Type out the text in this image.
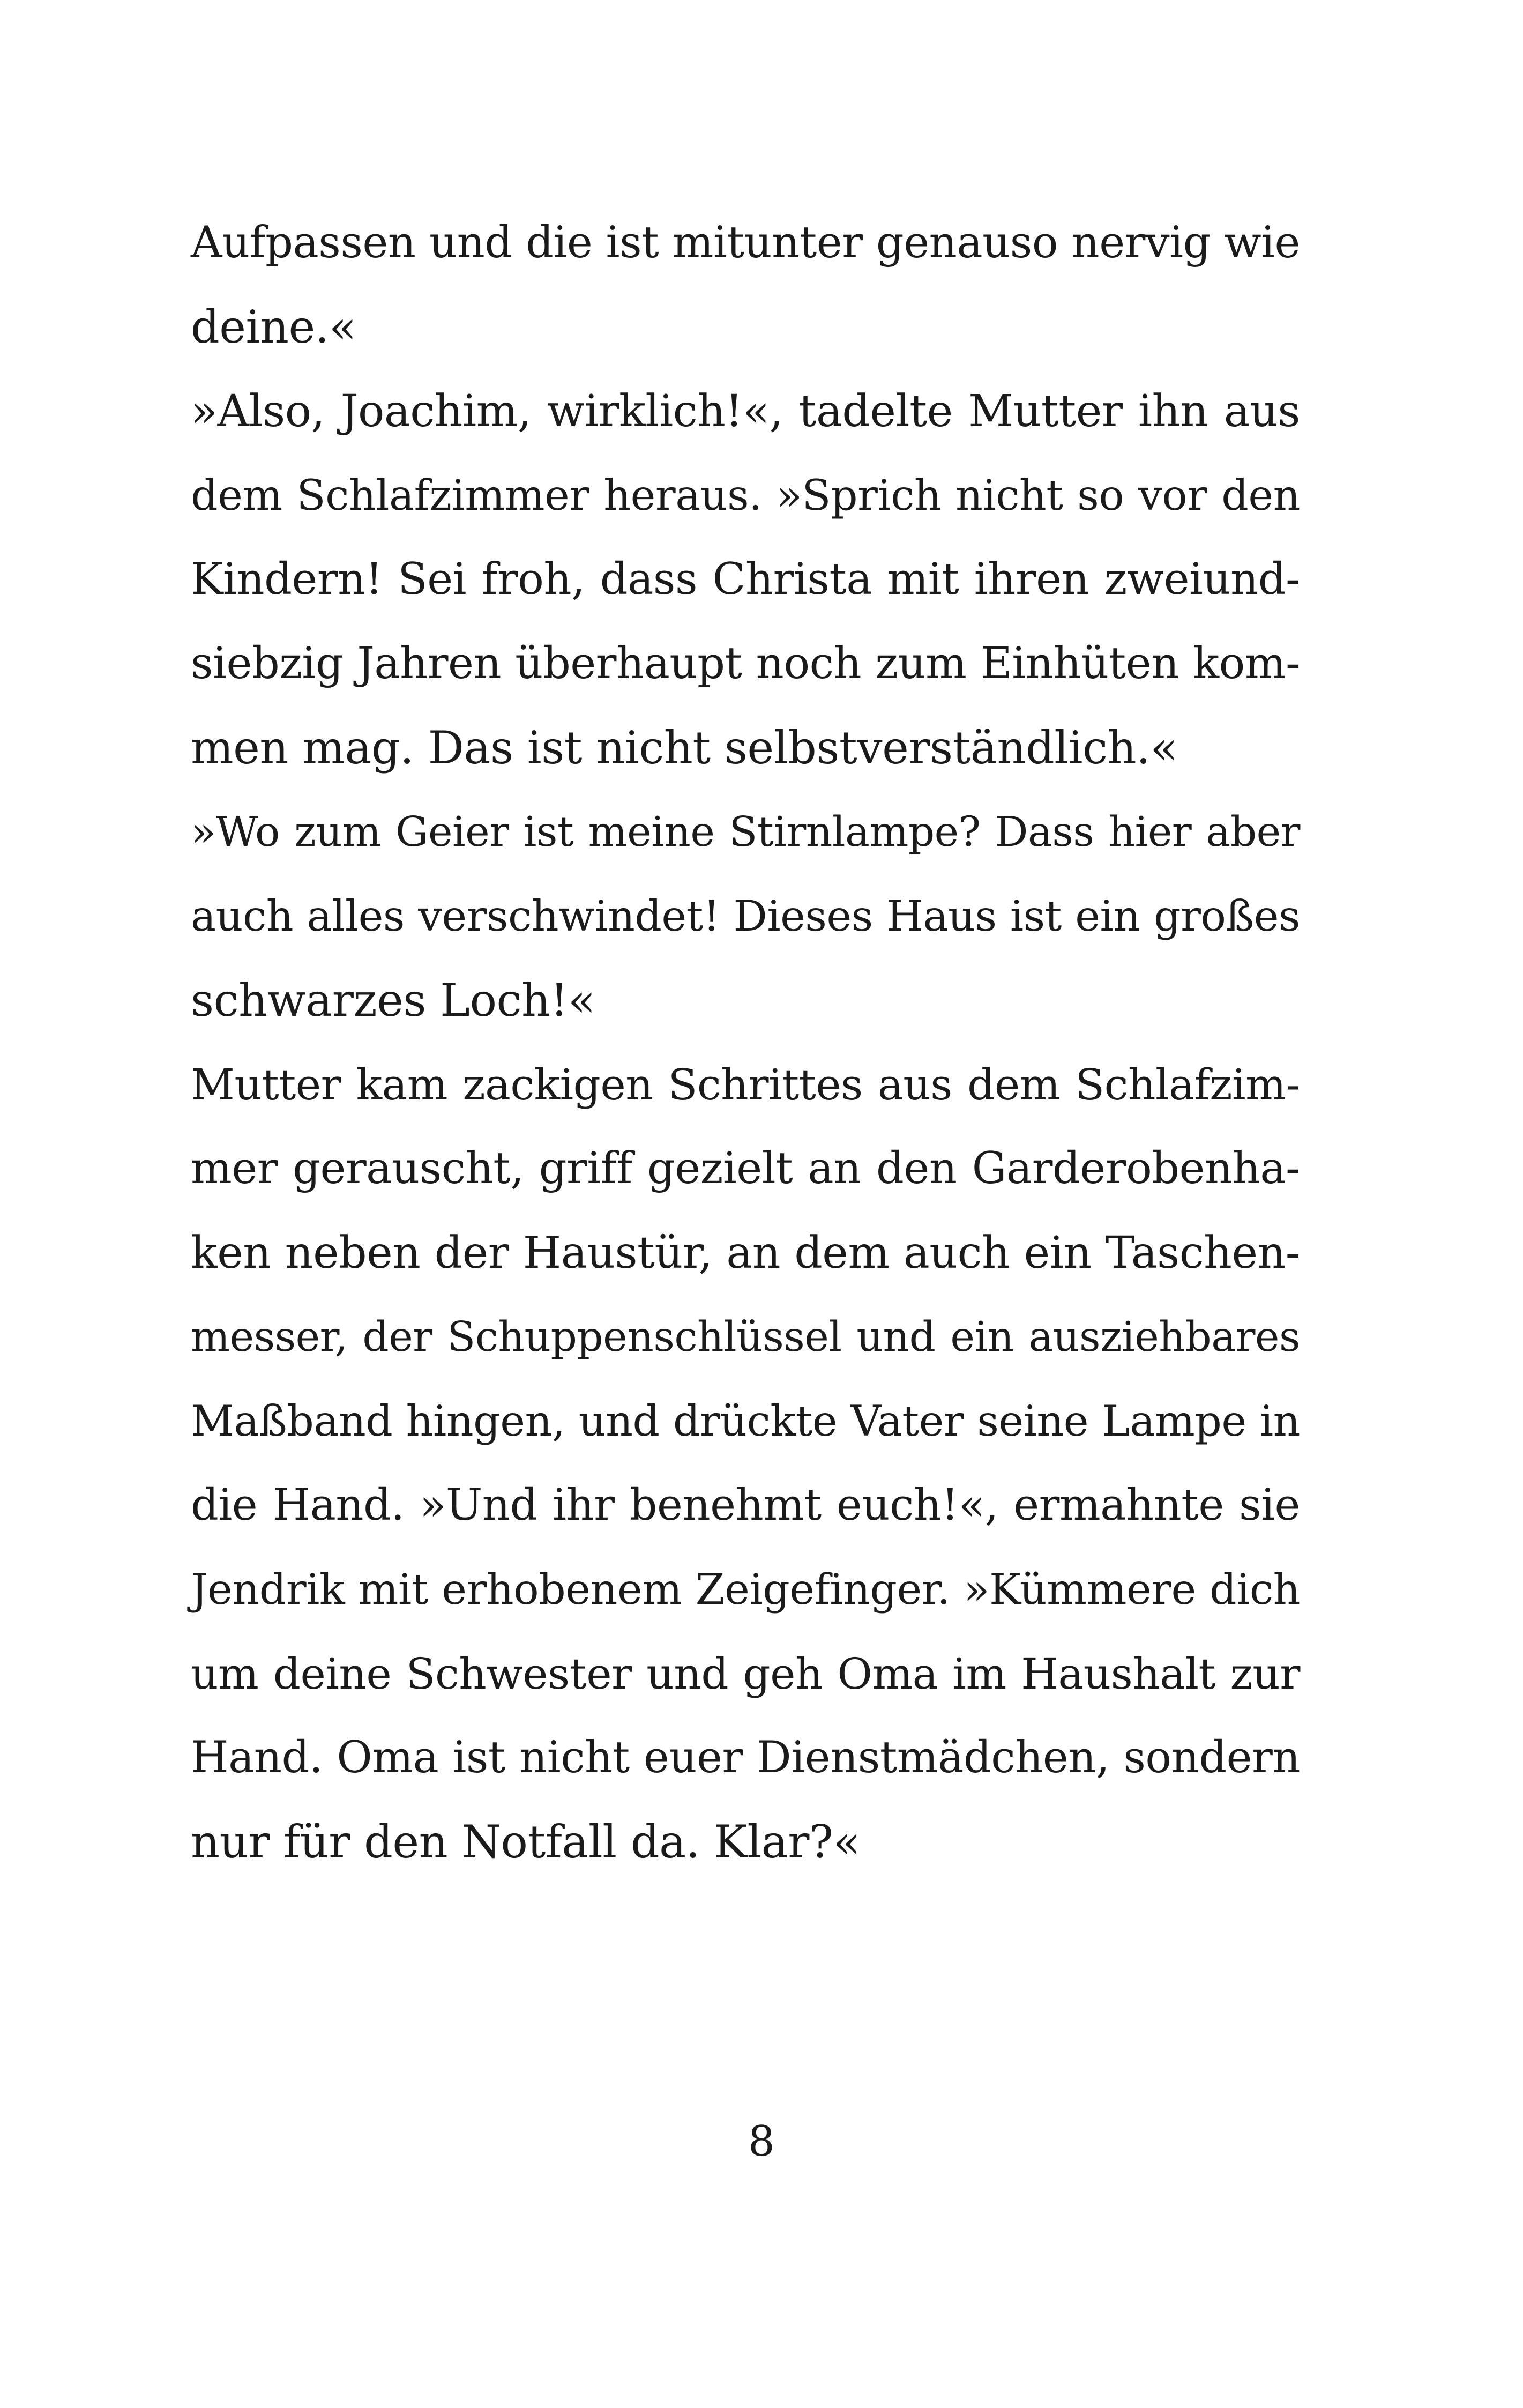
Aufpassen und die ist mitunter genauso nervig wie
deine.«
»Also, Joachim, wirklich!«, tadelte Mutter ihn aus
dem Schlafzimmer heraus. »Sprich nicht so vor den
Kindern! Sei froh, dass Christa mit ihren zweiund-
siebzig Jahren überhaupt noch zum Einhüten kom-
men mag. Das ist nicht selbstverständlich.«
»Wo zum Geier ist meine Stirnlampe? Dass hier aber
auch alles verschwindet! Dieses Haus ist ein großes
schwarzes Loch!«
Mutter kam zackigen Schrittes aus dem Schlafzim-
mer gerauscht, griff gezielt an den Garderobenha-
ken neben der Haustür, an dem auch ein Taschen-
messer, der Schuppenschlüssel und ein ausziehbares
Maßband hingen, und drückte Vater seine Lampe in
die Hand. »Und ihr benehmt euch!«, ermahnte sie
Jendrik mit erhobenem Zeigefinger. »Kümmere dich
um deine Schwester und geh Oma im Haushalt zur
Hand. Oma ist nicht euer Dienstmädchen, sondern
nur für den Notfall da. Klar?«
8
